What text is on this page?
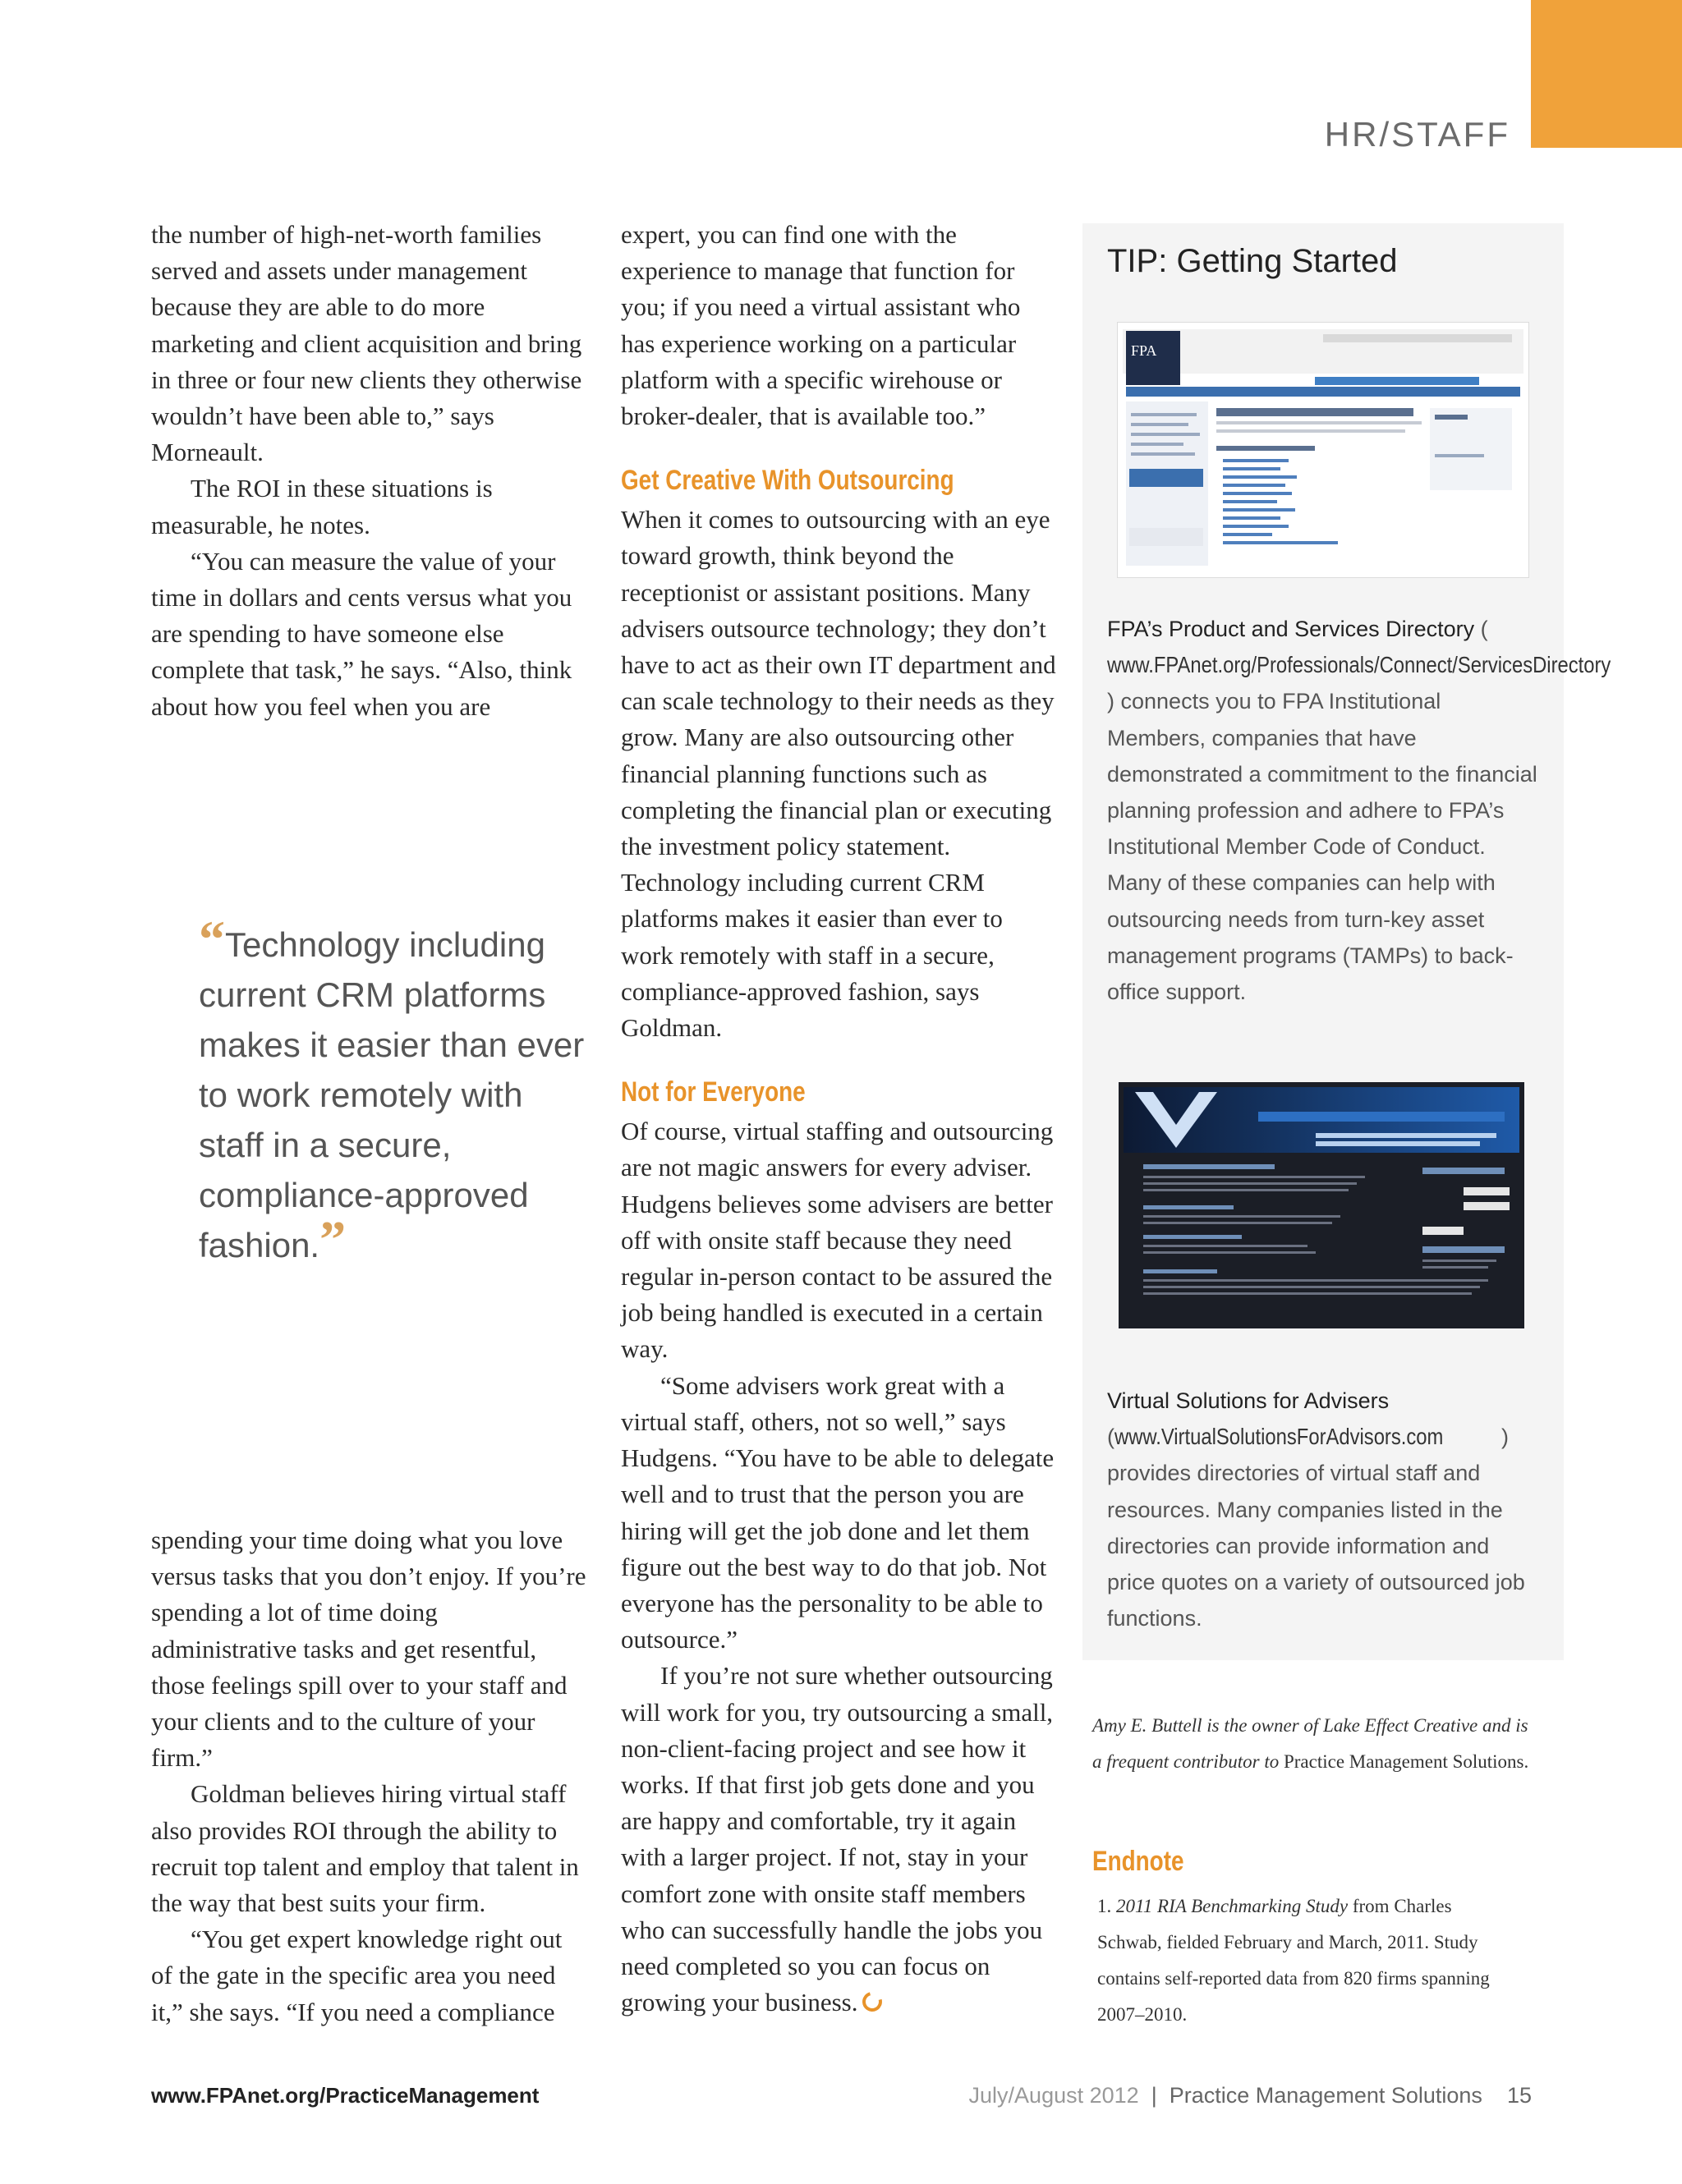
HR/STAFF

the number of high-net-worth families served and assets under management because they are able to do more marketing and client acquisition and bring in three or four new clients they otherwise wouldn’t have been able to,” says Morneault.

The ROI in these situations is measurable, he notes.

“You can measure the value of your time in dollars and cents versus what you are spending to have someone else complete that task,” he says. “Also, think about how you feel when you are

“Technology including current CRM platforms makes it easier than ever to work remotely with staff in a secure, compliance-approved fashion.”

spending your time doing what you love versus tasks that you don’t enjoy. If you’re spending a lot of time doing administrative tasks and get resentful, those feelings spill over to your staff and your clients and to the culture of your firm.”

Goldman believes hiring virtual staff also provides ROI through the ability to recruit top talent and employ that talent in the way that best suits your firm.

“You get expert knowledge right out of the gate in the specific area you need it,” she says. “If you need a compliance

expert, you can find one with the experience to manage that function for you; if you need a virtual assistant who has experience working on a particular platform with a specific wirehouse or broker-dealer, that is available too.”

Get Creative With Outsourcing

When it comes to outsourcing with an eye toward growth, think beyond the receptionist or assistant positions. Many advisers outsource technology; they don’t have to act as their own IT department and can scale technology to their needs as they grow. Many are also outsourcing other financial planning functions such as completing the financial plan or executing the investment policy statement. Technology including current CRM platforms makes it easier than ever to work remotely with staff in a secure, compliance-approved fashion, says Goldman.

Not for Everyone

Of course, virtual staffing and outsourcing are not magic answers for every adviser. Hudgens believes some advisers are better off with onsite staff because they need regular in-person contact to be assured the job being handled is executed in a certain way.

“Some advisers work great with a virtual staff, others, not so well,” says Hudgens. “You have to be able to delegate well and to trust that the person you are hiring will get the job done and let them figure out the best way to do that job. Not everyone has the personality to be able to outsource.”

If you’re not sure whether outsourcing will work for you, try outsourcing a small, non-client-facing project and see how it works. If that first job gets done and you are happy and comfortable, try it again with a larger project. If not, stay in your comfort zone with onsite staff members who can successfully handle the jobs you need completed so you can focus on growing your business.

TIP: Getting Started
FPA
FPA’s Product and Services Directory (www.FPAnet.org/Professionals/Connect/ServicesDirectory) connects you to FPA Institutional Members, companies that have demonstrated a commitment to the financial planning profession and adhere to FPA’s Institutional Member Code of Conduct. Many of these companies can help with outsourcing needs from turn-key asset management programs (TAMPs) to back-office support.
Virtual Solutions for Advisers
(www.VirtualSolutionsForAdvisors.com	) provides directories of virtual staff and resources. Many companies listed in the directories can provide information and price quotes on a variety of outsourced job functions.
Amy E. Buttell is the owner of Lake Effect Creative and is a frequent contributor to Practice Management Solutions.
Endnote
1. 2011 RIA Benchmarking Study from Charles Schwab, fielded February and March, 2011. Study contains self-reported data from 820 firms spanning 2007–2010.
www.FPAnet.org/PracticeManagement	July/August 2012 | Practice Management Solutions 15
